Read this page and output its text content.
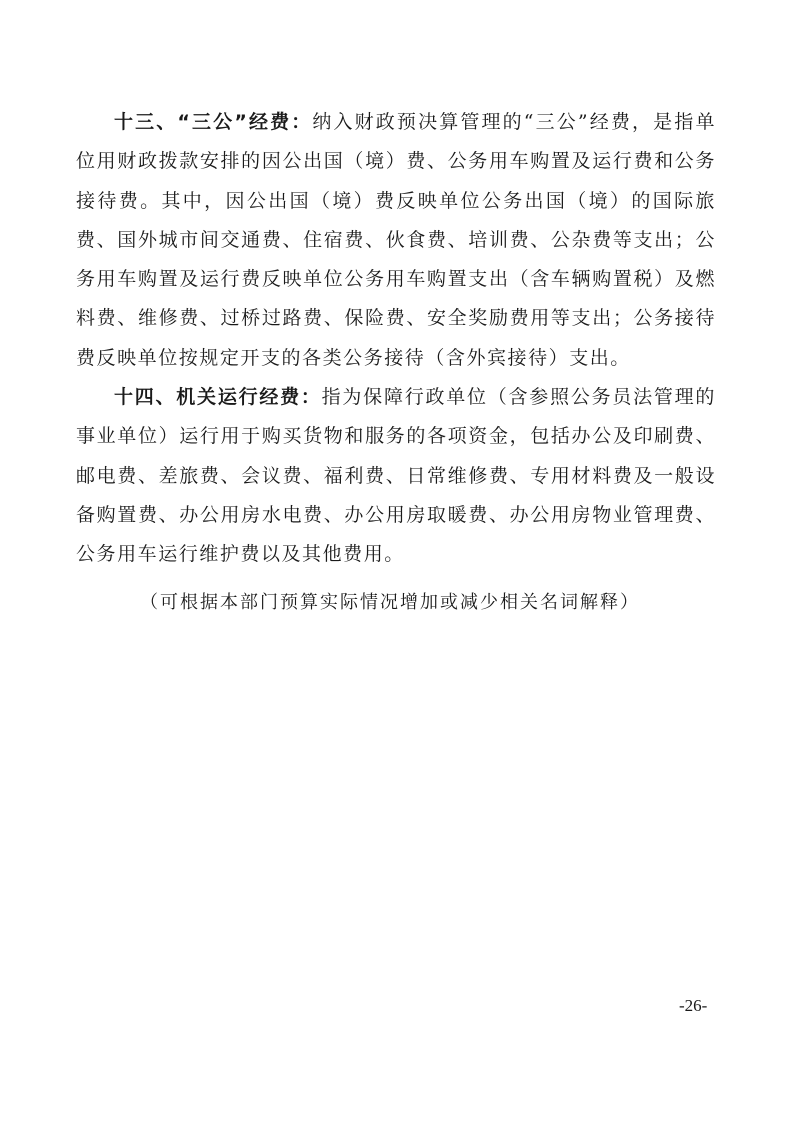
十三、“三公”经费：纳入财政预决算管理的“三公”经费，是指单位用财政拨款安排的因公出国（境）费、公务用车购置及运行费和公务接待费。其中，因公出国（境）费反映单位公务出国（境）的国际旅费、国外城市间交通费、住宿费、伙食费、培训费、公杂费等支出；公务用车购置及运行费反映单位公务用车购置支出（含车辆购置税）及燃料费、维修费、过桥过路费、保险费、安全奖励费用等支出；公务接待费反映单位按规定开支的各类公务接待（含外宾接待）支出。

十四、机关运行经费：指为保障行政单位（含参照公务员法管理的事业单位）运行用于购买货物和服务的各项资金，包括办公及印刷费、邮电费、差旅费、会议费、福利费、日常维修费、专用材料费及一般设备购置费、办公用房水电费、办公用房取暖费、办公用房物业管理费、公务用车运行维护费以及其他费用。

（可根据本部门预算实际情况增加或减少相关名词解释）

-26-
